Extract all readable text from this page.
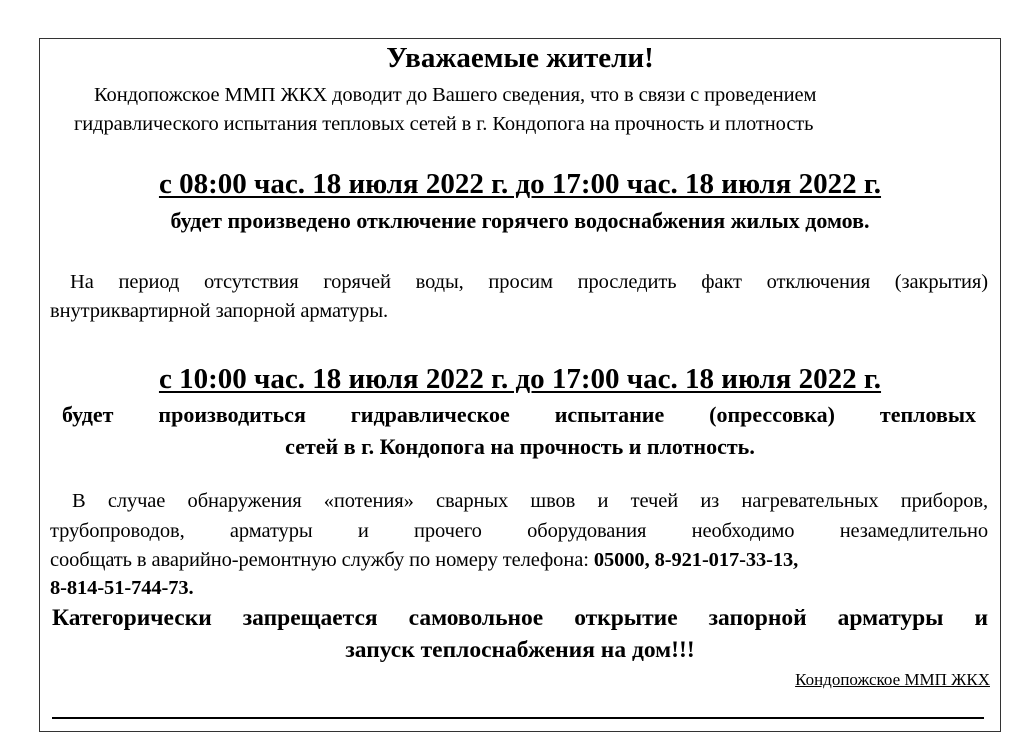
Уважаемые жители!
Кондопожское ММП ЖКХ доводит до Вашего сведения, что в связи с проведением
гидравлического испытания тепловых сетей в г. Кондопога на прочность и плотность
с 08:00 час. 18 июля 2022 г. до 17:00 час. 18 июля 2022 г.
будет произведено отключение горячего водоснабжения жилых домов.
На период отсутствия горячей воды, просим проследить факт отключения (закрытия)
внутриквартирной запорной арматуры.
с 10:00 час. 18 июля 2022 г. до 17:00 час. 18 июля 2022 г.
будет производиться гидравлическое испытание (опрессовка) тепловых
сетей в г. Кондопога на прочность и плотность.
В случае обнаружения «потения» сварных швов и течей из нагревательных приборов,
трубопроводов, арматуры и прочего оборудования необходимо незамедлительно
сообщать в аварийно-ремонтную службу по номеру телефона: 05000, 8-921-017-33-13,
8-814-51-744-73.
Категорически запрещается самовольное открытие запорной арматуры и
запуск теплоснабжения на дом!!!
Кондопожское ММП ЖКХ
